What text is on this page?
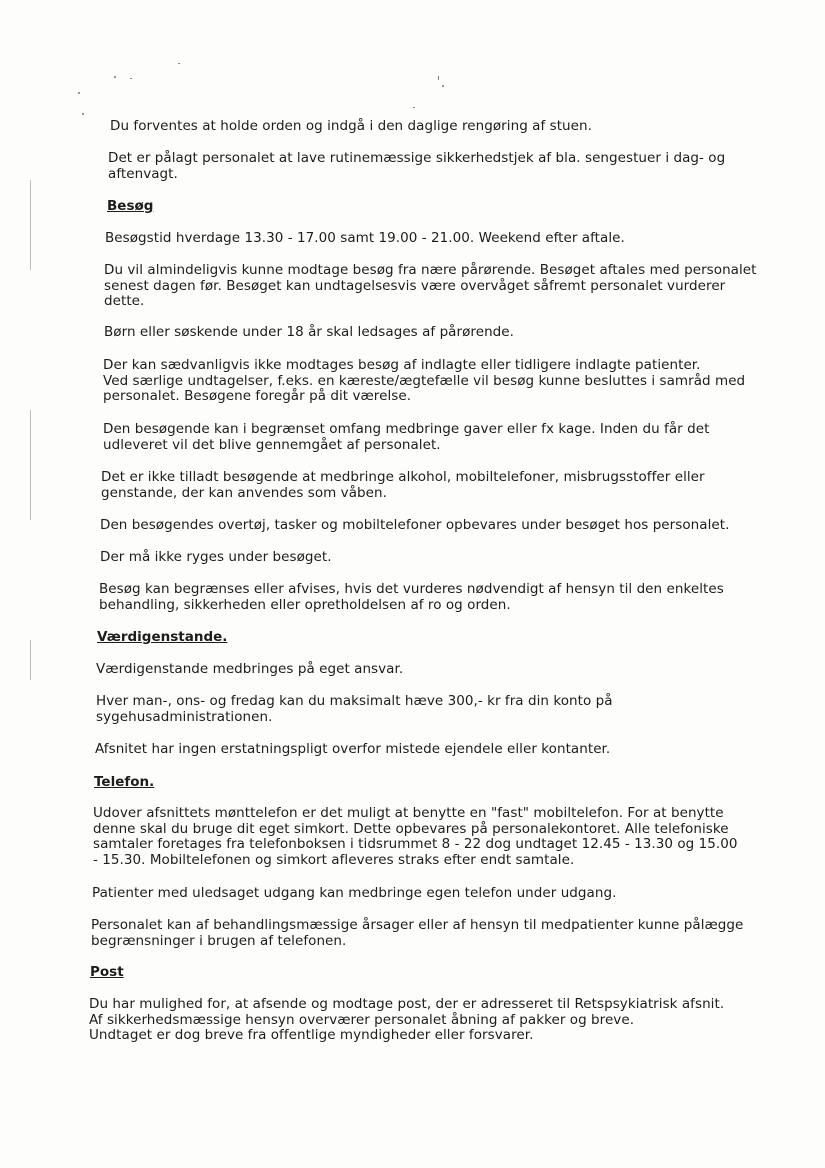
Du forventes at holde orden og indgå i den daglige rengøring af stuen.

Det er pålagt personalet at lave rutinemæssige sikkerhedstjek af bla. sengestuer i dag- og
aftenvagt.

Besøg

Besøgstid hverdage 13.30 - 17.00 samt 19.00 - 21.00. Weekend efter aftale.

Du vil almindeligvis kunne modtage besøg fra nære pårørende. Besøget aftales med personalet
senest dagen før. Besøget kan undtagelsesvis være overvåget såfremt personalet vurderer
dette.

Børn eller søskende under 18 år skal ledsages af pårørende.

Der kan sædvanligvis ikke modtages besøg af indlagte eller tidligere indlagte patienter.
Ved særlige undtagelser, f.eks. en kæreste/ægtefælle vil besøg kunne besluttes i samråd med
personalet. Besøgene foregår på dit værelse.

Den besøgende kan i begrænset omfang medbringe gaver eller fx kage. Inden du får det
udleveret vil det blive gennemgået af personalet.

Det er ikke tilladt besøgende at medbringe alkohol, mobiltelefoner, misbrugsstoffer eller
genstande, der kan anvendes som våben.

Den besøgendes overtøj, tasker og mobiltelefoner opbevares under besøget hos personalet.

Der må ikke ryges under besøget.

Besøg kan begrænses eller afvises, hvis det vurderes nødvendigt af hensyn til den enkeltes
behandling, sikkerheden eller opretholdelsen af ro og orden.

Værdigenstande.

Værdigenstande medbringes på eget ansvar.

Hver man-, ons- og fredag kan du maksimalt hæve 300,- kr fra din konto på
sygehusadministrationen.

Afsnitet har ingen erstatningspligt overfor mistede ejendele eller kontanter.

Telefon.

Udover afsnittets mønttelefon er det muligt at benytte en "fast" mobiltelefon. For at benytte
denne skal du bruge dit eget simkort. Dette opbevares på personalekontoret. Alle telefoniske
samtaler foretages fra telefonboksen i tidsrummet 8 - 22 dog undtaget 12.45 - 13.30 og 15.00
- 15.30. Mobiltelefonen og simkort afleveres straks efter endt samtale.

Patienter med uledsaget udgang kan medbringe egen telefon under udgang.

Personalet kan af behandlingsmæssige årsager eller af hensyn til medpatienter kunne pålægge
begrænsninger i brugen af telefonen.

Post

Du har mulighed for, at afsende og modtage post, der er adresseret til Retspsykiatrisk afsnit.
Af sikkerhedsmæssige hensyn overværer personalet åbning af pakker og breve.
Undtaget er dog breve fra offentlige myndigheder eller forsvarer.
